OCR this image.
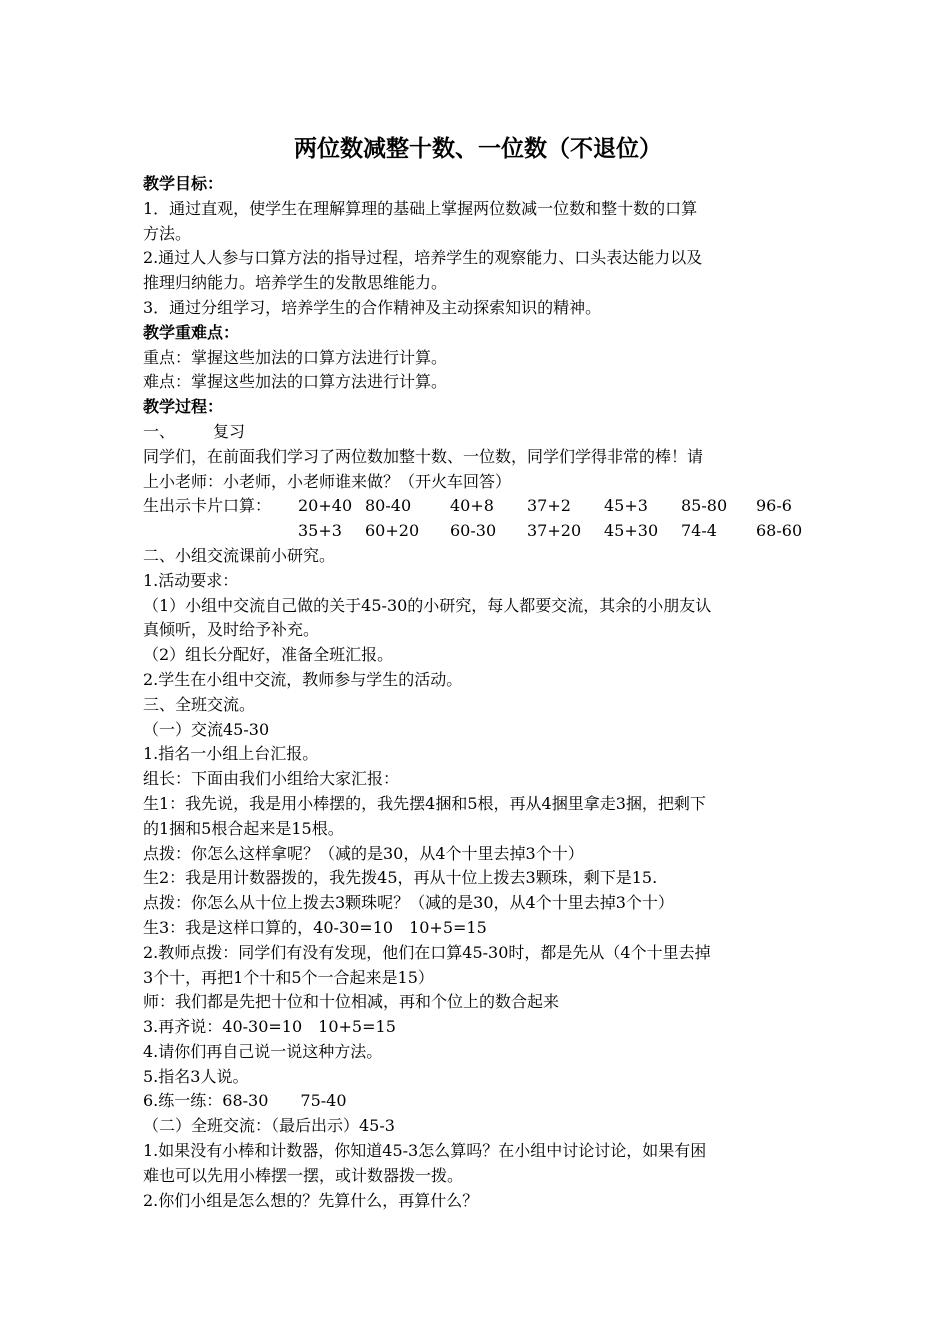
两位数减整十数、一位数（不退位）
教学目标：
1．通过直观，使学生在理解算理的基础上掌握两位数减一位数和整十数的口算
方法。
2.通过人人参与口算方法的指导过程，培养学生的观察能力、口头表达能力以及
推理归纳能力。培养学生的发散思维能力。
3．通过分组学习，培养学生的合作精神及主动探索知识的精神。
教学重难点：
重点：掌握这些加法的口算方法进行计算。
难点：掌握这些加法的口算方法进行计算。
教学过程：
一、 复习
同学们，在前面我们学习了两位数加整十数、一位数，同学们学得非常的棒！请
上小老师：小老师，小老师谁来做？（开火车回答）
生出示卡片口算： 20+40 80-40 40+8 37+2 45+3 85-80 96-6
35+3 60+20 60-30 37+20 45+30 74-4 68-60
二、小组交流课前小研究。
1.活动要求：
（1）小组中交流自己做的关于45-30的小研究，每人都要交流，其余的小朋友认
真倾听，及时给予补充。
（2）组长分配好，准备全班汇报。
2.学生在小组中交流，教师参与学生的活动。
三、全班交流。
（一）交流45-30
1.指名一小组上台汇报。
组长：下面由我们小组给大家汇报：
生1：我先说，我是用小棒摆的，我先摆4捆和5根，再从4捆里拿走3捆，把剩下
的1捆和5根合起来是15根。
点拨：你怎么这样拿呢？（减的是30，从4个十里去掉3个十）
生2：我是用计数器拨的，我先拨45，再从十位上拨去3颗珠，剩下是15.
点拨：你怎么从十位上拨去3颗珠呢？（减的是30，从4个十里去掉3个十）
生3：我是这样口算的，40-30=10　10+5=15
2.教师点拨：同学们有没有发现，他们在口算45-30时，都是先从（4个十里去掉
3个十，再把1个十和5个一合起来是15）
师：我们都是先把十位和十位相减，再和个位上的数合起来
3.再齐说：40-30=10　10+5=15
4.请你们再自己说一说这种方法。
5.指名3人说。
6.练一练：68-30　　75-40
（二）全班交流：（最后出示）45-3
1.如果没有小棒和计数器，你知道45-3怎么算吗？在小组中讨论讨论，如果有困
难也可以先用小棒摆一摆，或计数器拨一拨。
2.你们小组是怎么想的？先算什么，再算什么？
